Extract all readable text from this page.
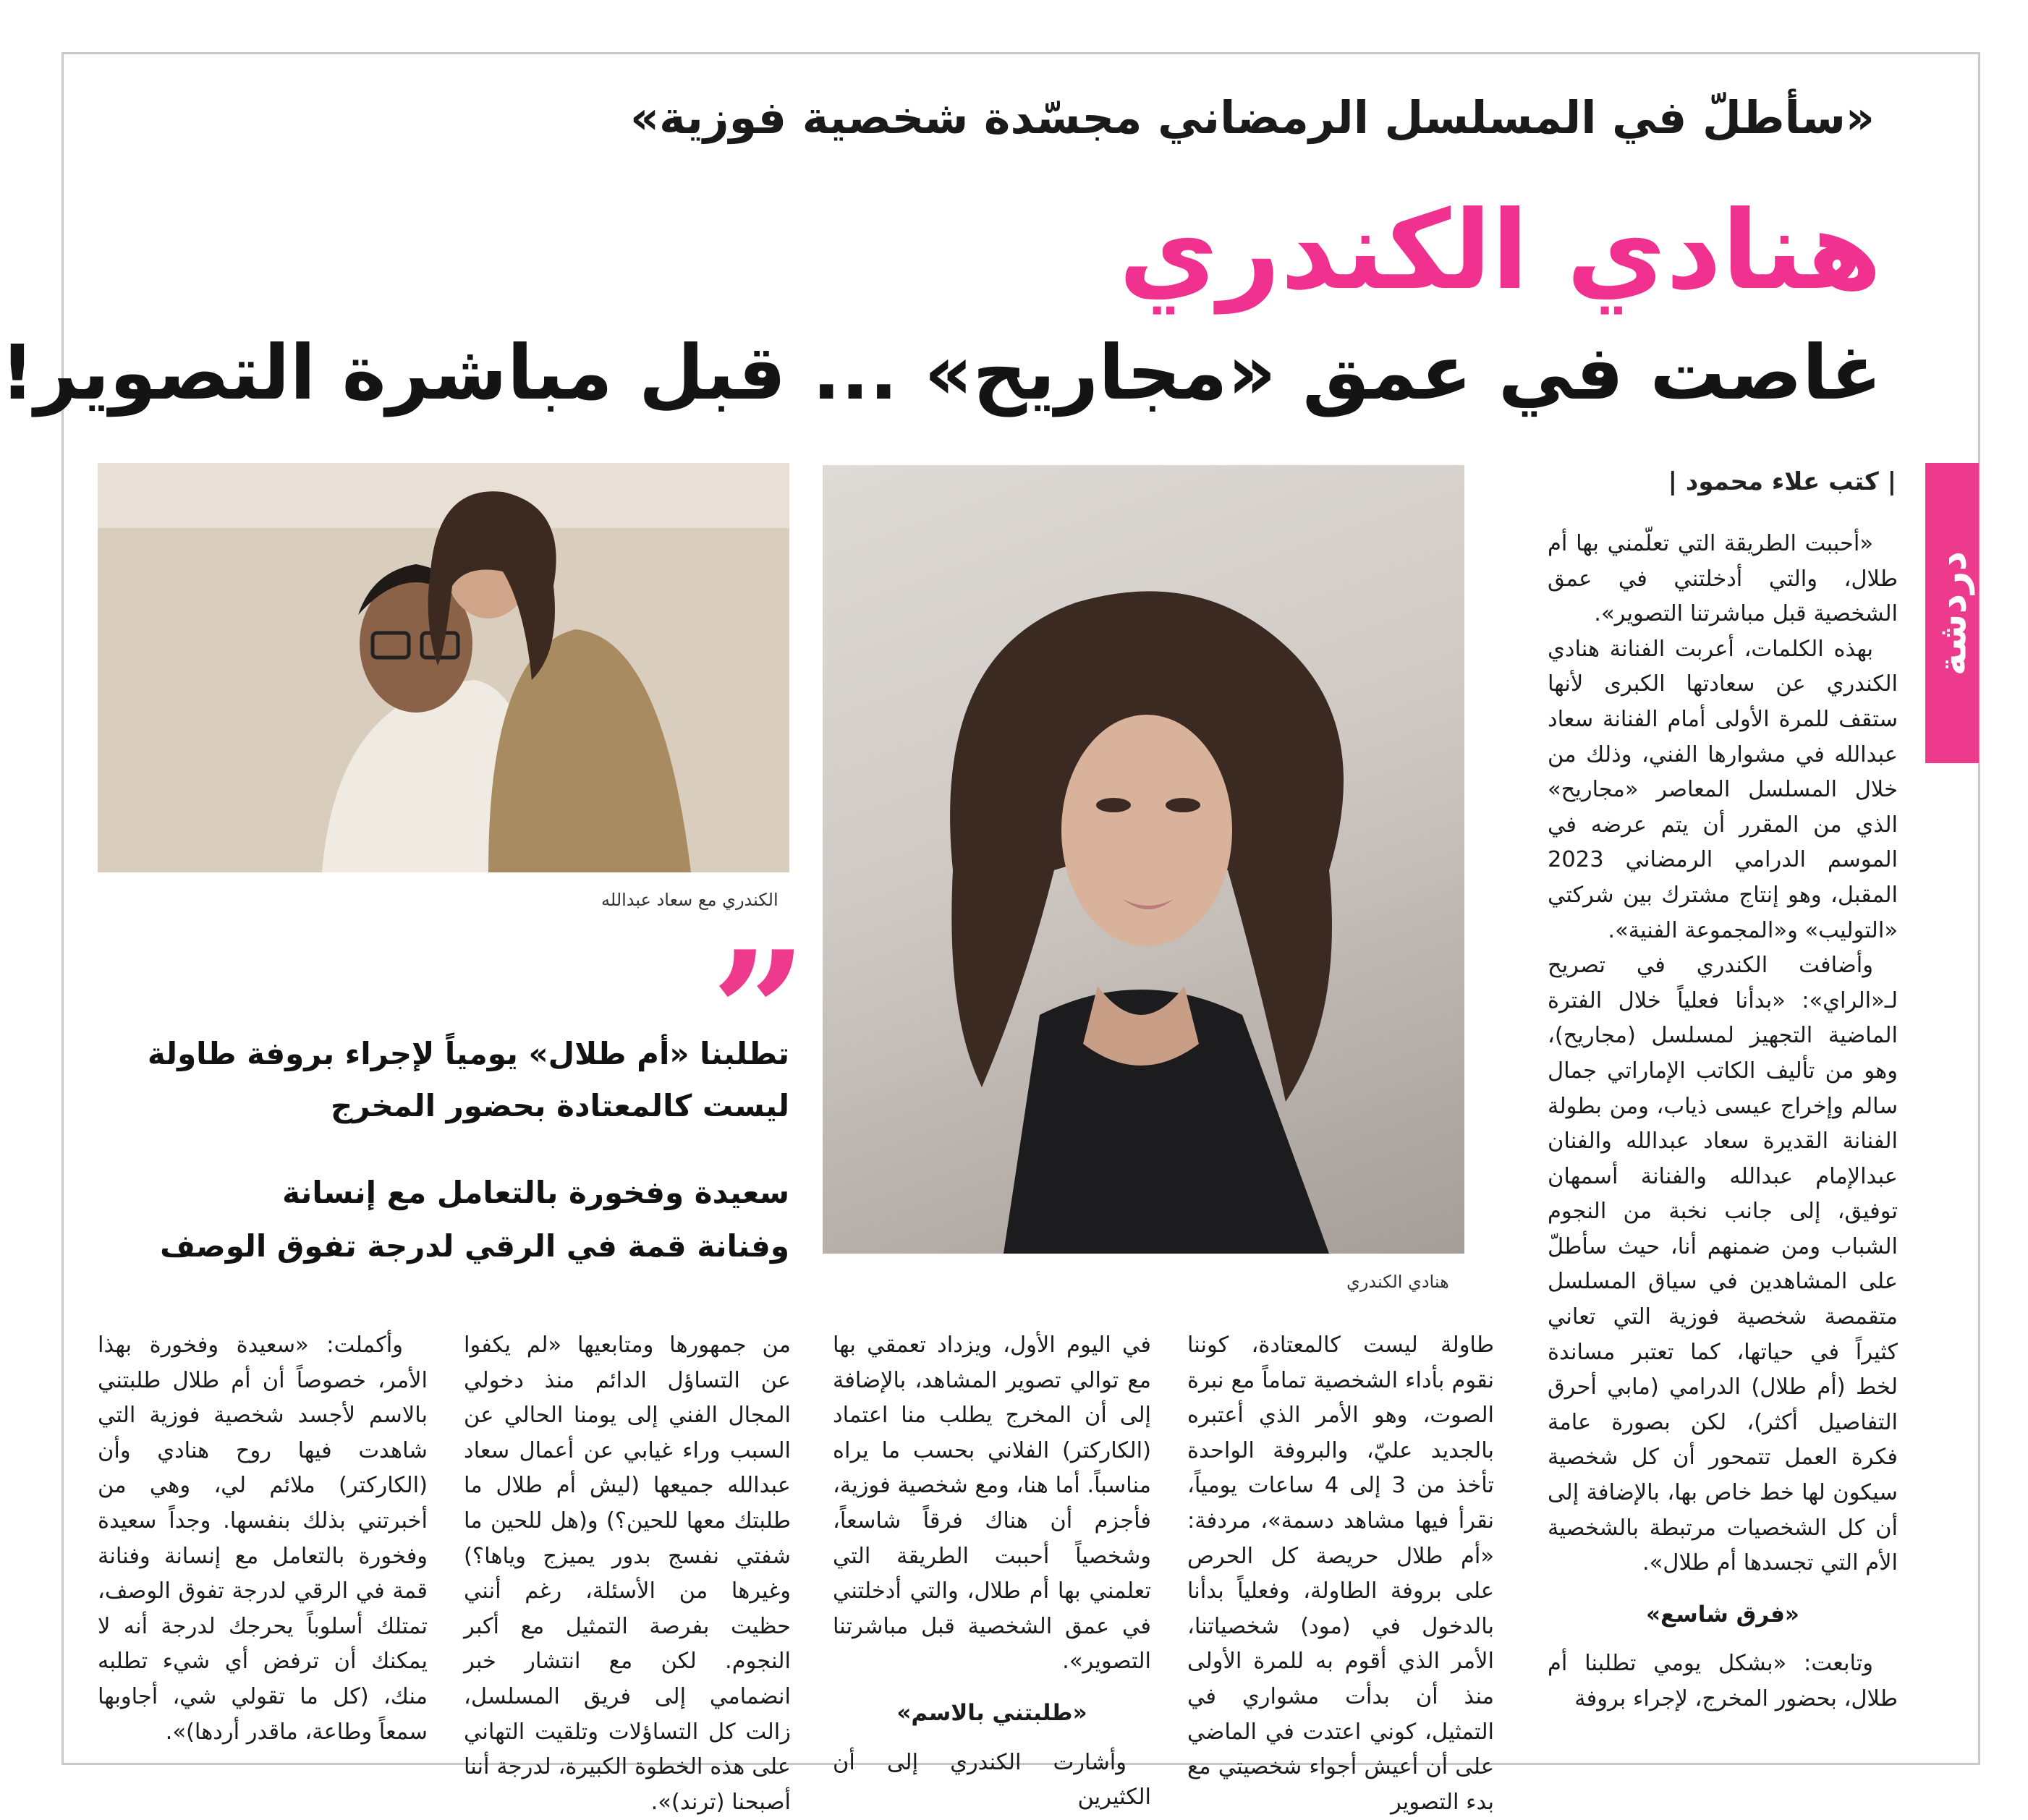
«سأطلّ في المسلسل الرمضاني مجسّدة شخصية فوزية»
هنادي الكندري
غاصت في عمق «مجاريح» ... قبل مباشرة التصوير!
دردشة
| كتب علاء محمود |

«أحببت الطريقة التي تعلّمني بها أم طلال، والتي أدخلتني في عمق الشخصية قبل مباشرتنا التصوير».

بهذه الكلمات، أعربت الفنانة هنادي الكندري عن سعادتها الكبرى لأنها ستقف للمرة الأولى أمام الفنانة سعاد عبدالله في مشوارها الفني، وذلك من خلال المسلسل المعاصر «مجاريح» الذي من المقرر أن يتم عرضه في الموسم الدرامي الرمضاني 2023 المقبل، وهو إنتاج مشترك بين شركتي «التوليب» و«المجموعة الفنية».

وأضافت الكندري في تصريح لـ«الراي»: «بدأنا فعلياً خلال الفترة الماضية التجهيز لمسلسل (مجاريح)، وهو من تأليف الكاتب الإماراتي جمال سالم وإخراج عيسى ذياب، ومن بطولة الفنانة القديرة سعاد عبدالله والفنان عبدالإمام عبدالله والفنانة أسمهان توفيق، إلى جانب نخبة من النجوم الشباب ومن ضمنهم أنا، حيث سأطلّ على المشاهدين في سياق المسلسل متقمصة شخصية فوزية التي تعاني كثيراً في حياتها، كما تعتبر مساندة لخط (أم طلال) الدرامي (مابي أحرق التفاصيل أكثر)، لكن بصورة عامة فكرة العمل تتمحور أن كل شخصية سيكون لها خط خاص بها، بالإضافة إلى أن كل الشخصيات مرتبطة بالشخصية الأم التي تجسدها أم طلال».

«فرق شاسع»

وتابعت: «بشكل يومي تطلبنا أم طلال، بحضور المخرج، لإجراء بروفة

هنادي الكندري
الكندري مع سعاد عبدالله
”
تطلبنا «أم طلال» يومياً لإجراء بروفة طاولة
ليست كالمعتادة بحضور المخرج
سعيدة وفخورة بالتعامل مع إنسانة
وفنانة قمة في الرقي لدرجة تفوق الوصف

طاولة ليست كالمعتادة، كوننا نقوم بأداء الشخصية تماماً مع نبرة الصوت، وهو الأمر الذي أعتبره بالجديد عليّ، والبروفة الواحدة تأخذ من 3 إلى 4 ساعات يومياً، نقرأ فيها مشاهد دسمة»، مردفة: «أم طلال حريصة كل الحرص على بروفة الطاولة، وفعلياً بدأنا بالدخول في (مود) شخصياتنا، الأمر الذي أقوم به للمرة الأولى منذ أن بدأت مشواري في التمثيل، كوني اعتدت في الماضي على أن أعيش أجواء شخصيتي مع بدء التصوير

في اليوم الأول، ويزداد تعمقي بها مع توالي تصوير المشاهد، بالإضافة إلى أن المخرج يطلب منا اعتماد (الكاركتر) الفلاني بحسب ما يراه مناسباً. أما هنا، ومع شخصية فوزية، فأجزم أن هناك فرقاً شاسعاً، وشخصياً أحببت الطريقة التي تعلمني بها أم طلال، والتي أدخلتني في عمق الشخصية قبل مباشرتنا التصوير».

«طلبتني بالاسم»

وأشارت الكندري إلى أن الكثيرين

من جمهورها ومتابعيها «لم يكفوا عن التساؤل الدائم منذ دخولي المجال الفني إلى يومنا الحالي عن السبب وراء غيابي عن أعمال سعاد عبدالله جميعها (ليش أم طلال ما طلبتك معها للحين؟) و(هل للحين ما شفتي نفسج بدور يميزج وياها؟) وغيرها من الأسئلة، رغم أنني حظيت بفرصة التمثيل مع أكبر النجوم. لكن مع انتشار خبر انضمامي إلى فريق المسلسل، زالت كل التساؤلات وتلقيت التهاني على هذه الخطوة الكبيرة، لدرجة أننا أصبحنا (ترند)».

وأكملت: «سعيدة وفخورة بهذا الأمر، خصوصاً أن أم طلال طلبتني بالاسم لأجسد شخصية فوزية التي شاهدت فيها روح هنادي وأن (الكاركتر) ملائم لي، وهي من أخبرتني بذلك بنفسها. وجداً سعيدة وفخورة بالتعامل مع إنسانة وفنانة قمة في الرقي لدرجة تفوق الوصف، تمتلك أسلوباً يحرجك لدرجة أنه لا يمكنك أن ترفض أي شيء تطلبه منك، (كل ما تقولي شي، أجاوبها سمعاً وطاعة، ماقدر أردها)».
